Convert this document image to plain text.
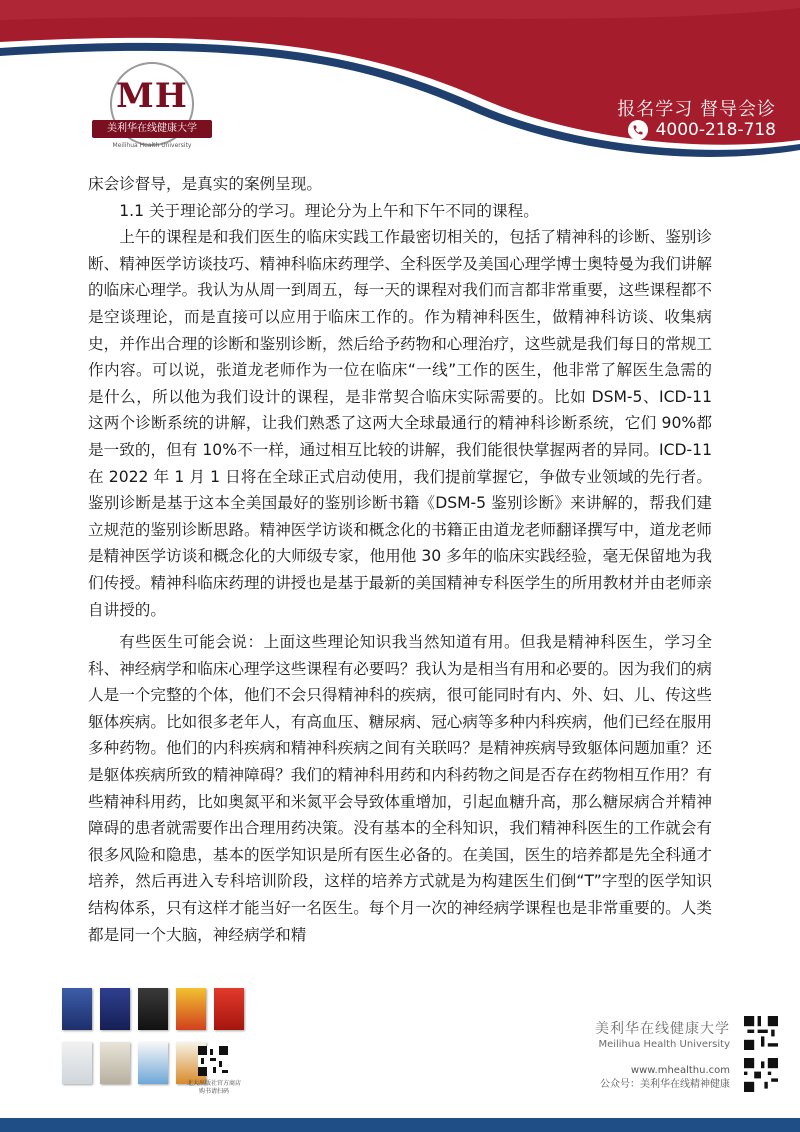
MH
美利华在线健康大学
Meilihua Health University
报名学习 督导会诊
4000-218-718

床会诊督导，是真实的案例呈现。

1.1 关于理论部分的学习。理论分为上午和下午不同的课程。

上午的课程是和我们医生的临床实践工作最密切相关的，包括了精神科的诊断、鉴别诊断、精神医学访谈技巧、精神科临床药理学、全科医学及美国心理学博士奥特曼为我们讲解的临床心理学。我认为从周一到周五，每一天的课程对我们而言都非常重要，这些课程都不是空谈理论，而是直接可以应用于临床工作的。作为精神科医生，做精神科访谈、收集病史，并作出合理的诊断和鉴别诊断，然后给予药物和心理治疗，这些就是我们每日的常规工作内容。可以说，张道龙老师作为一位在临床“一线”工作的医生，他非常了解医生急需的是什么，所以他为我们设计的课程，是非常契合临床实际需要的。比如 DSM-5、ICD-11 这两个诊断系统的讲解，让我们熟悉了这两大全球最通行的精神科诊断系统，它们 90%都是一致的，但有 10%不一样，通过相互比较的讲解，我们能很快掌握两者的异同。ICD-11 在 2022 年 1 月 1 日将在全球正式启动使用，我们提前掌握它，争做专业领域的先行者。鉴别诊断是基于这本全美国最好的鉴别诊断书籍《DSM-5 鉴别诊断》来讲解的，帮我们建立规范的鉴别诊断思路。精神医学访谈和概念化的书籍正由道龙老师翻译撰写中，道龙老师是精神医学访谈和概念化的大师级专家，他用他 30 多年的临床实践经验，毫无保留地为我们传授。精神科临床药理的讲授也是基于最新的美国精神专科医学生的所用教材并由老师亲自讲授的。

有些医生可能会说：上面这些理论知识我当然知道有用。但我是精神科医生，学习全科、神经病学和临床心理学这些课程有必要吗？我认为是相当有用和必要的。因为我们的病人是一个完整的个体，他们不会只得精神科的疾病，很可能同时有内、外、妇、儿、传这些躯体疾病。比如很多老年人，有高血压、糖尿病、冠心病等多种内科疾病，他们已经在服用多种药物。他们的内科疾病和精神科疾病之间有关联吗？是精神疾病导致躯体问题加重？还是躯体疾病所致的精神障碍？我们的精神科用药和内科药物之间是否存在药物相互作用？有些精神科用药，比如奥氮平和米氮平会导致体重增加，引起血糖升高，那么糖尿病合并精神障碍的患者就需要作出合理用药决策。没有基本的全科知识，我们精神科医生的工作就会有很多风险和隐患，基本的医学知识是所有医生必备的。在美国，医生的培养都是先全科通才培养，然后再进入专科培训阶段，这样的培养方式就是为构建医生们倒“T”字型的医学知识结构体系，只有这样才能当好一名医生。每个月一次的神经病学课程也是非常重要的。人类都是同一个大脑，神经病学和精

北大出版社官方商店 购书请扫码
美利华在线健康大学
Meilihua Health University
www.mhealthu.com
公众号：美利华在线精神健康
